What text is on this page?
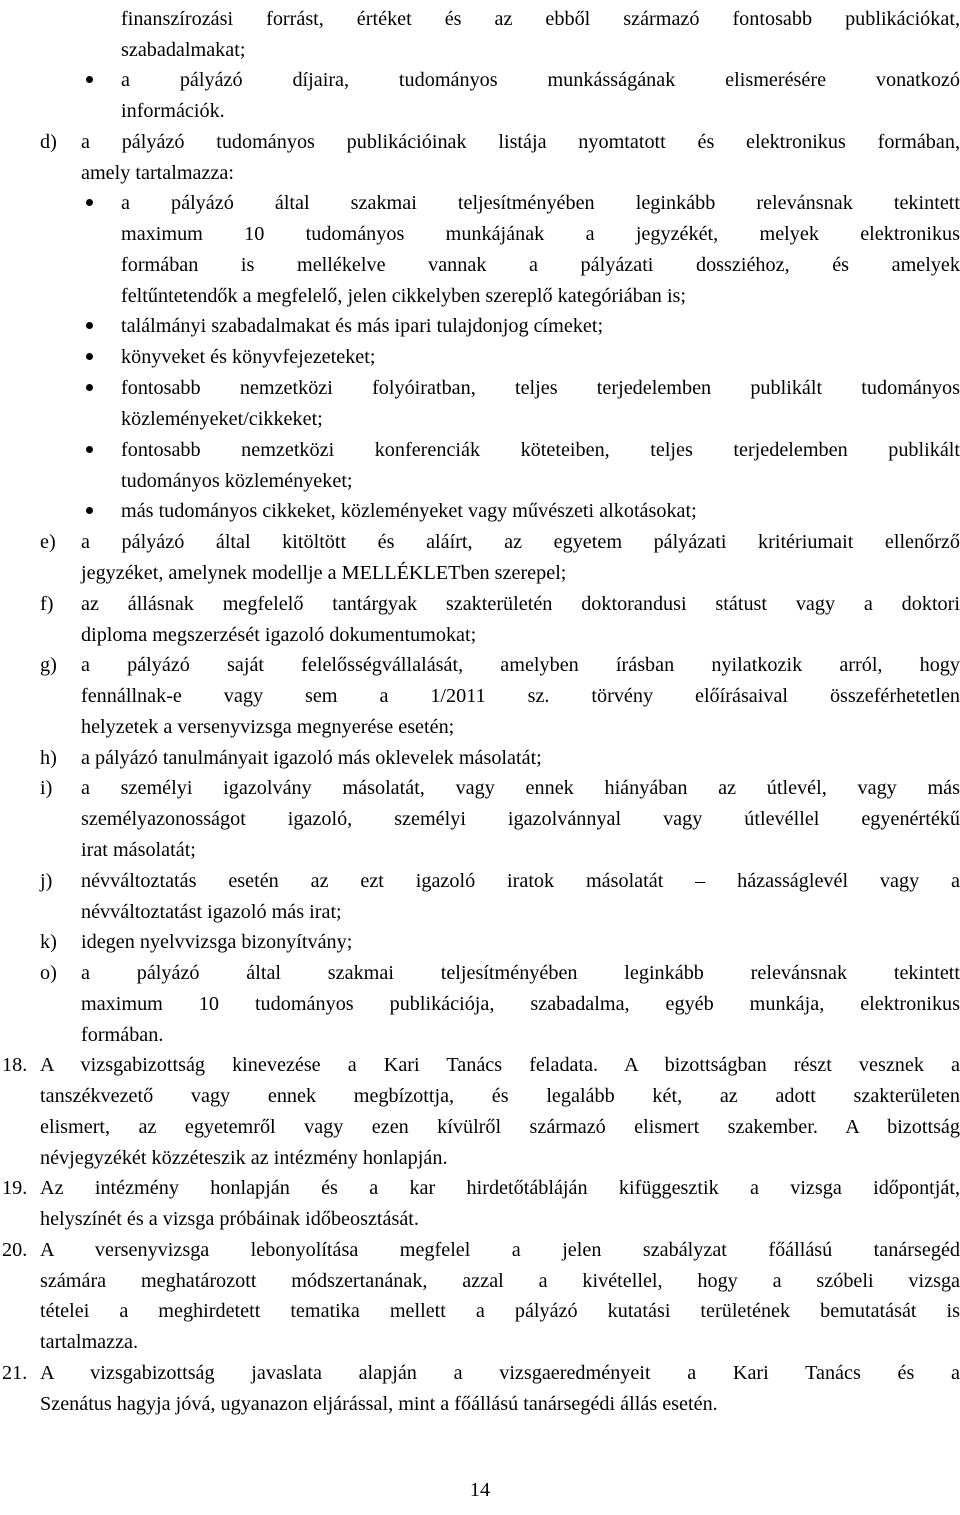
finanszírozási forrást, értéket és az ebből származó fontosabb publikációkat,
szabadalmakat;
a pályázó díjaira, tudományos munkásságának elismerésére vonatkozó
információk.
d) a pályázó tudományos publikációinak listája nyomtatott és elektronikus formában,
amely tartalmazza:
a pályázó által szakmai teljesítményében leginkább relevánsnak tekintett
maximum 10 tudományos munkájának a jegyzékét, melyek elektronikus
formában is mellékelve vannak a pályázati dossziéhoz, és amelyek
feltűntetendők a megfelelő, jelen cikkelyben szereplő kategóriában is;
találmányi szabadalmakat és más ipari tulajdonjog címeket;
könyveket és könyvfejezeteket;
fontosabb nemzetközi folyóiratban, teljes terjedelemben publikált tudományos
közleményeket/cikkeket;
fontosabb nemzetközi konferenciák köteteiben, teljes terjedelemben publikált
tudományos közleményeket;
más tudományos cikkeket, közleményeket vagy művészeti alkotásokat;
e) a pályázó által kitöltött és aláírt, az egyetem pályázati kritériumait ellenőrző
jegyzéket, amelynek modellje a MELLÉKLETben szerepel;
f) az állásnak megfelelő tantárgyak szakterületén doktorandusi státust vagy a doktori
diploma megszerzését igazoló dokumentumokat;
g) a pályázó saját felelősségvállalását, amelyben írásban nyilatkozik arról, hogy
fennállnak-e vagy sem a 1/2011 sz. törvény előírásaival összeférhetetlen
helyzetek a versenyvizsga megnyerése esetén;
h) a pályázó tanulmányait igazoló más oklevelek másolatát;
i) a személyi igazolvány másolatát, vagy ennek hiányában az útlevél, vagy más
személyazonosságot igazoló, személyi igazolvánnyal vagy útlevéllel egyenértékű
irat másolatát;
j) névváltoztatás esetén az ezt igazoló iratok másolatát – házasságlevél vagy a
névváltoztatást igazoló más irat;
k) idegen nyelvvizsga bizonyítvány;
o) a pályázó által szakmai teljesítményében leginkább relevánsnak tekintett
maximum 10 tudományos publikációja, szabadalma, egyéb munkája, elektronikus
formában.
18. A vizsgabizottság kinevezése a Kari Tanács feladata. A bizottságban részt vesznek a
tanszékvezető vagy ennek megbízottja, és legalább két, az adott szakterületen
elismert, az egyetemről vagy ezen kívülről származó elismert szakember. A bizottság
névjegyzékét közzéteszik az intézmény honlapján.
19. Az intézmény honlapján és a kar hirdetőtábláján kifüggesztik a vizsga időpontját,
helyszínét és a vizsga próbáinak időbeosztását.
20. A versenyvizsga lebonyolítása megfelel a jelen szabályzat főállású tanársegéd
számára meghatározott módszertanának, azzal a kivétellel, hogy a szóbeli vizsga
tételei a meghirdetett tematika mellett a pályázó kutatási területének bemutatását is
tartalmazza.
21. A vizsgabizottság javaslata alapján a vizsgaeredményeit a Kari Tanács és a
Szenátus hagyja jóvá, ugyanazon eljárással, mint a főállású tanársegédi állás esetén.
14
